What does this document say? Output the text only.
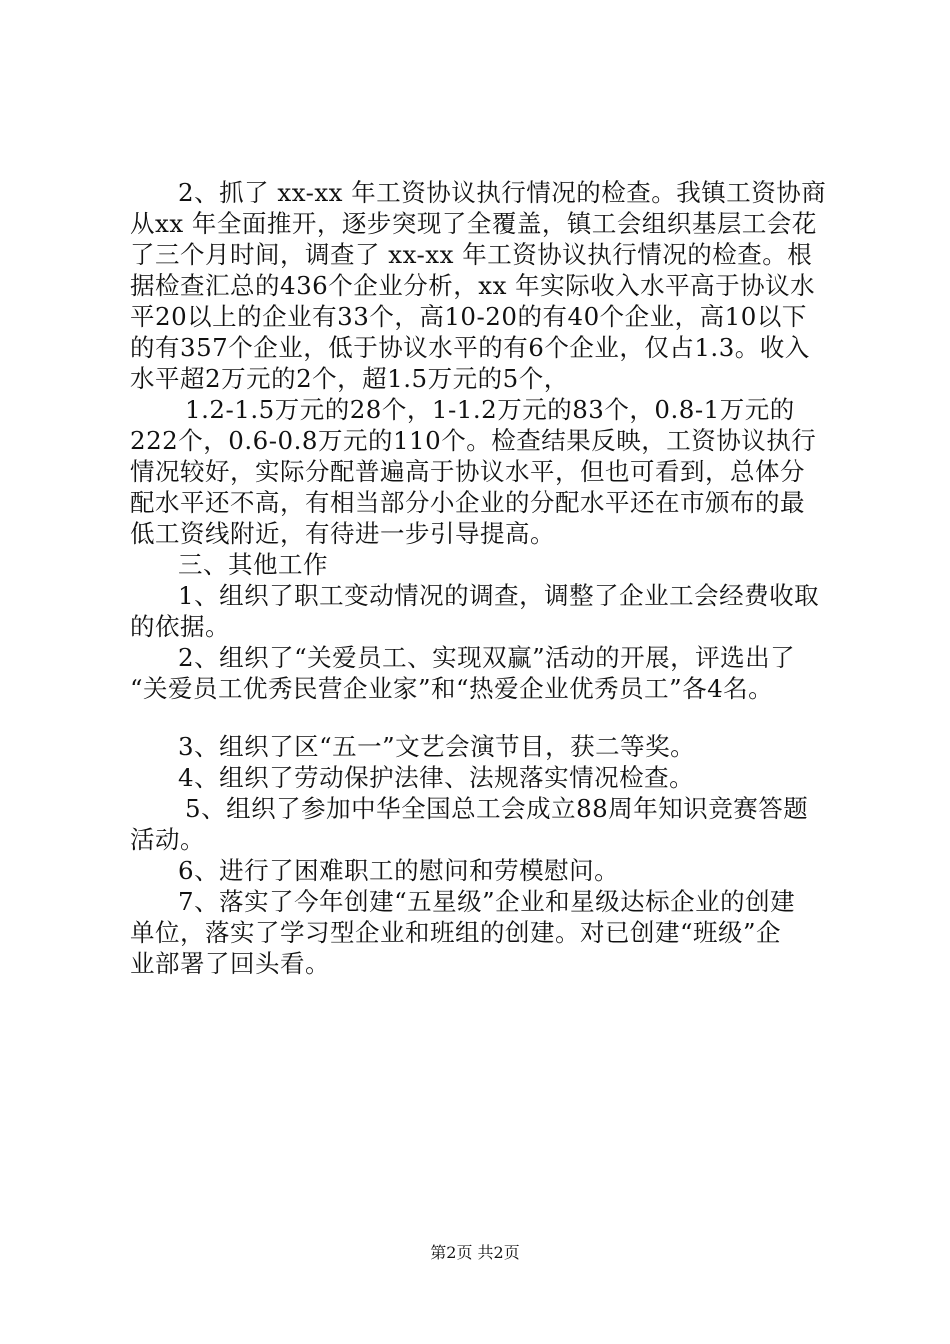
2、抓了 xx-xx 年工资协议执行情况的检查。我镇工资协商
从xx 年全面推开，逐步突现了全覆盖，镇工会组织基层工会花
了三个月时间，调查了 xx-xx 年工资协议执行情况的检查。根
据检查汇总的436个企业分析，xx 年实际收入水平高于协议水
平20以上的企业有33个，高10-20的有40个企业，高10以下
的有357个企业，低于协议水平的有6个企业，仅占1.3。收入
水平超2万元的2个，超1.5万元的5个，
1.2-1.5万元的28个，1-1.2万元的83个，0.8-1万元的
222个，0.6-0.8万元的110个。检查结果反映，工资协议执行
情况较好，实际分配普遍高于协议水平，但也可看到，总体分
配水平还不高，有相当部分小企业的分配水平还在市颁布的最
低工资线附近，有待进一步引导提高。
三、其他工作
1、组织了职工变动情况的调查，调整了企业工会经费收取
的依据。
2、组织了“关爱员工、实现双赢”活动的开展，评选出了
“关爱员工优秀民营企业家”和“热爱企业优秀员工”各4名。
3、组织了区“五一”文艺会演节目，获二等奖。
4、组织了劳动保护法律、法规落实情况检查。
5、组织了参加中华全国总工会成立88周年知识竞赛答题
活动。
6、进行了困难职工的慰问和劳模慰问。
7、落实了今年创建“五星级”企业和星级达标企业的创建
单位，落实了学习型企业和班组的创建。对已创建“班级”企
业部署了回头看。
第2页 共2页
